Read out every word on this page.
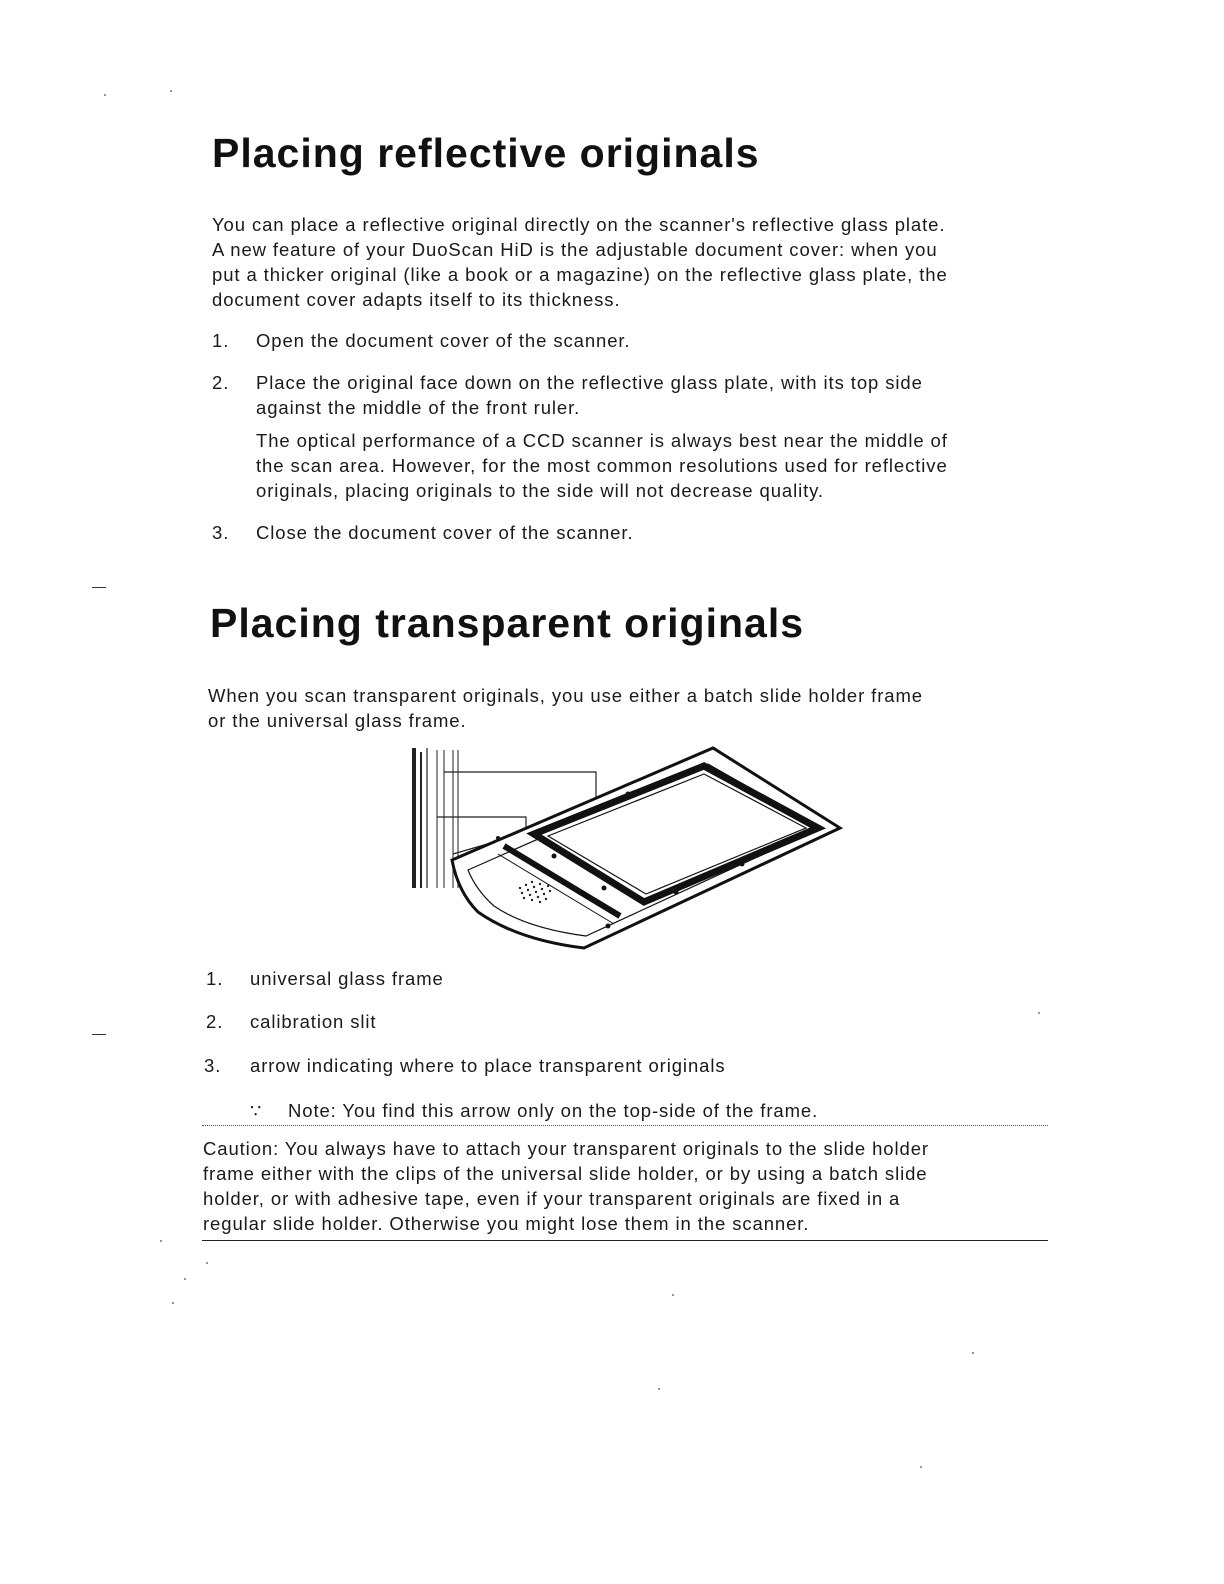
Placing reflective originals
You can place a reflective original directly on the scanner's reflective glass plate.
A new feature of your DuoScan HiD is the adjustable document cover: when you
put a thicker original (like a book or a magazine) on the reflective glass plate, the
document cover adapts itself to its thickness.
1. Open the document cover of the scanner.
2. Place the original face down on the reflective glass plate, with its top side
against the middle of the front ruler.
The optical performance of a CCD scanner is always best near the middle of
the scan area. However, for the most common resolutions used for reflective
originals, placing originals to the side will not decrease quality.
3. Close the document cover of the scanner.
Placing transparent originals
When you scan transparent originals, you use either a batch slide holder frame
or the universal glass frame.
1. universal glass frame
2. calibration slit
3. arrow indicating where to place transparent originals
∵ Note: You find this arrow only on the top-side of the frame.
Caution: You always have to attach your transparent originals to the slide holder
frame either with the clips of the universal slide holder, or by using a batch slide
holder, or with adhesive tape, even if your transparent originals are fixed in a
regular slide holder. Otherwise you might lose them in the scanner.
